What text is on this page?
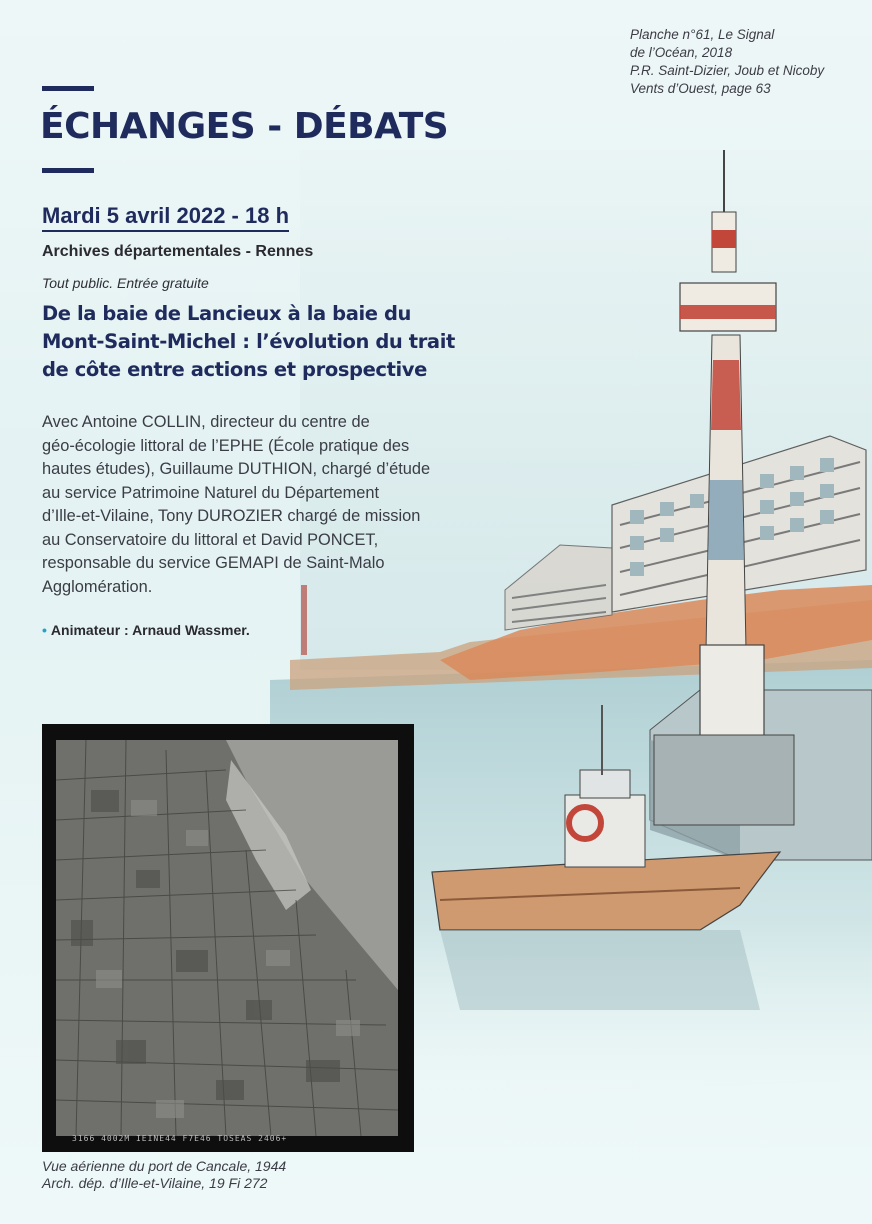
Planche n°61, Le Signal
de l’Océan, 2018
P.R. Saint-Dizier, Joub et Nicoby
Vents d’Ouest, page 63
ÉCHANGES - DÉBATS
Mardi 5 avril 2022 - 18 h
Archives départementales - Rennes
Tout public. Entrée gratuite
De la baie de Lancieux à la baie du
Mont-Saint-Michel : l’évolution du trait
de côte entre actions et prospective

Avec Antoine COLLIN, directeur du centre de
géo-écologie littoral de l’EPHE (École pratique des
hautes études), Guillaume DUTHION, chargé d’étude
au service Patrimoine Naturel du Département
d’Ille-et-Vilaine, Tony DUROZIER chargé de mission
au Conservatoire du littoral et David PONCET,
responsable du service GEMAPI de Saint-Malo
Agglomération.

• Animateur : Arnaud Wassmer.
3166 4002M IEINE44 F7E46 TOSEAS 2406+
Vue aérienne du port de Cancale, 1944
Arch. dép. d’Ille-et-Vilaine, 19 Fi 272
